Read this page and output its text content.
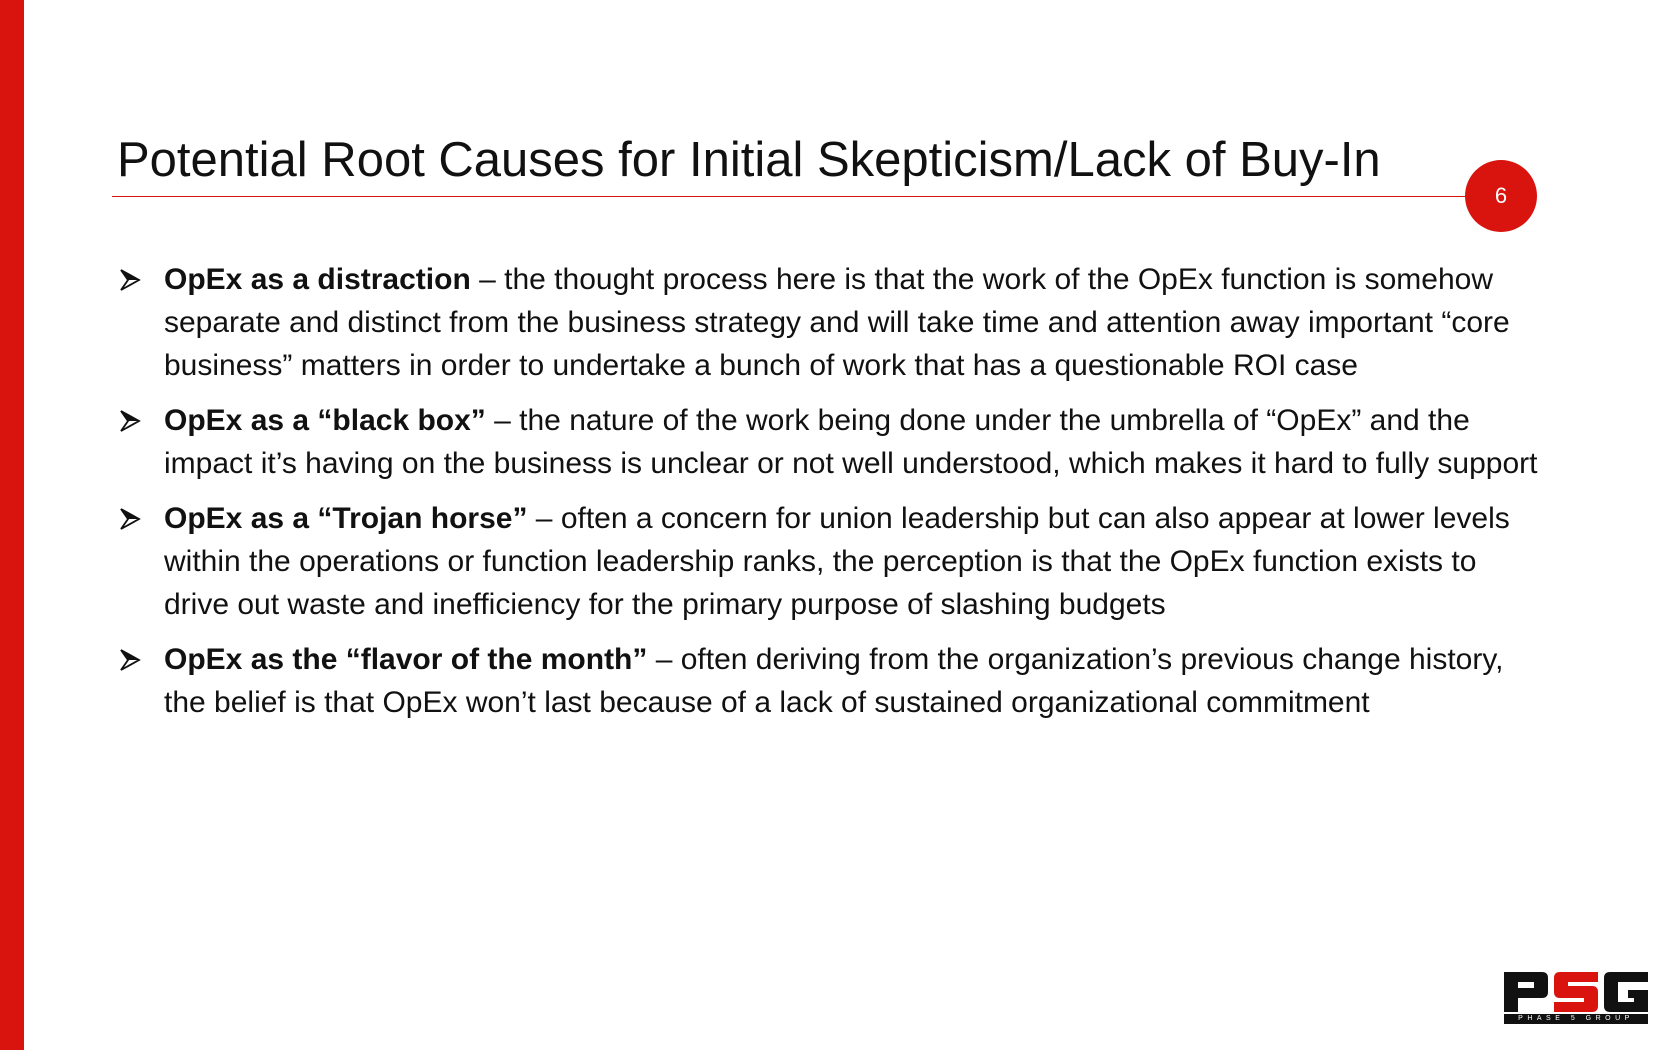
Potential Root Causes for Initial Skepticism/Lack of Buy-In
6
OpEx as a distraction – the thought process here is that the work of the OpEx function is somehow separate and distinct from the business strategy and will take time and attention away important “core business” matters in order to undertake a bunch of work that has a questionable ROI case
OpEx as a “black box” – the nature of the work being done under the umbrella of “OpEx” and the impact it’s having on the business is unclear or not well understood, which makes it hard to fully support
OpEx as a “Trojan horse” – often a concern for union leadership but can also appear at lower levels within the operations or function leadership ranks, the perception is that the OpEx function exists to drive out waste and inefficiency for the primary purpose of slashing budgets
OpEx as the “flavor of the month” – often deriving from the organization’s previous change history, the belief is that OpEx won’t last because of a lack of sustained organizational commitment
PHASE 5 GROUP
